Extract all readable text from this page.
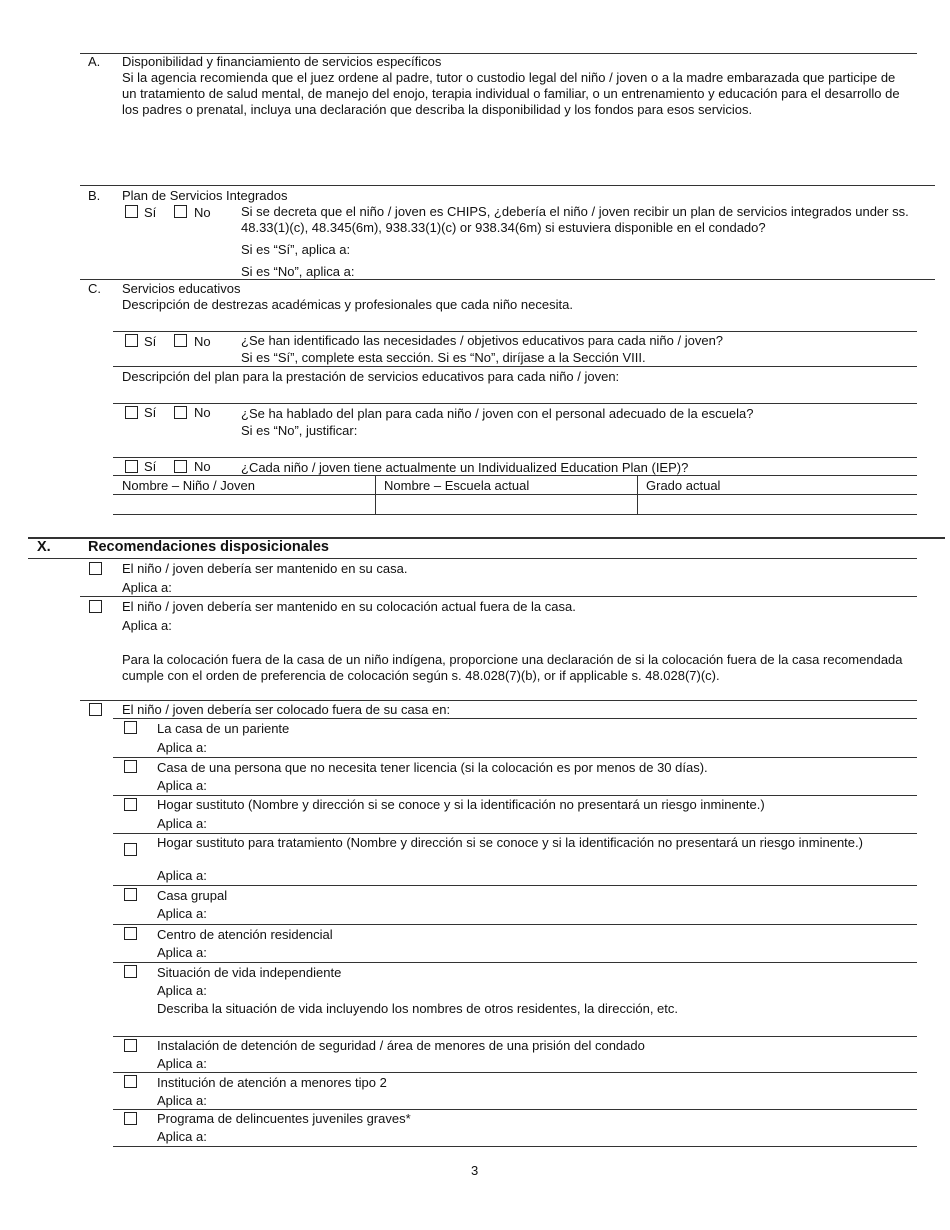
A. Disponibilidad y financiamiento de servicios específicos
Si la agencia recomienda que el juez ordene al padre, tutor o custodio legal del niño / joven o a la madre embarazada que participe de un tratamiento de salud mental, de manejo del enojo, terapia individual o familiar, o un entrenamiento y educación para el desarrollo de los padres o prenatal, incluya una declaración que describa la disponibilidad y los fondos para esos servicios.
B. Plan de Servicios Integrados
Sí	No Si se decreta que el niño / joven es CHIPS, ¿debería el niño / joven recibir un plan de servicios integrados under ss. 48.33(1)(c), 48.345(6m), 938.33(1)(c) or 938.34(6m) si estuviera disponible en el condado?
Si es “Sí”, aplica a:
Si es “No”, aplica a:
C. Servicios educativos
Descripción de destrezas académicas y profesionales que cada niño necesita.
Sí	No ¿Se han identificado las necesidades / objetivos educativos para cada niño / joven?
Si es “Sí”, complete esta sección. Si es “No”, diríjase a la Sección VIII.
Descripción del plan para la prestación de servicios educativos para cada niño / joven:
Sí	No ¿Se ha hablado del plan para cada niño / joven con el personal adecuado de la escuela?
Si es “No”, justificar:
Sí	No ¿Cada niño / joven tiene actualmente un Individualized Education Plan (IEP)?
Nombre – Niño / Joven	Nombre – Escuela actual	Grado actual
X.	Recomendaciones disposicionales
El niño / joven debería ser mantenido en su casa.
Aplica a:
El niño / joven debería ser mantenido en su colocación actual fuera de la casa.
Aplica a:
Para la colocación fuera de la casa de un niño indígena, proporcione una declaración de si la colocación fuera de la casa recomendada cumple con el orden de preferencia de colocación según s. 48.028(7)(b), or if applicable s. 48.028(7)(c).
El niño / joven debería ser colocado fuera de su casa en:
La casa de un pariente
Aplica a:
Casa de una persona que no necesita tener licencia (si la colocación es por menos de 30 días).
Aplica a:
Hogar sustituto (Nombre y dirección si se conoce y si la identificación no presentará un riesgo inminente.)
Aplica a:
Hogar sustituto para tratamiento (Nombre y dirección si se conoce y si la identificación no presentará un riesgo inminente.)
Aplica a:
Casa grupal
Aplica a:
Centro de atención residencial
Aplica a:
Situación de vida independiente
Aplica a:
Describa la situación de vida incluyendo los nombres de otros residentes, la dirección, etc.
Instalación de detención de seguridad / área de menores de una prisión del condado
Aplica a:
Institución de atención a menores tipo 2
Aplica a:
Programa de delincuentes juveniles graves*
Aplica a:
3
